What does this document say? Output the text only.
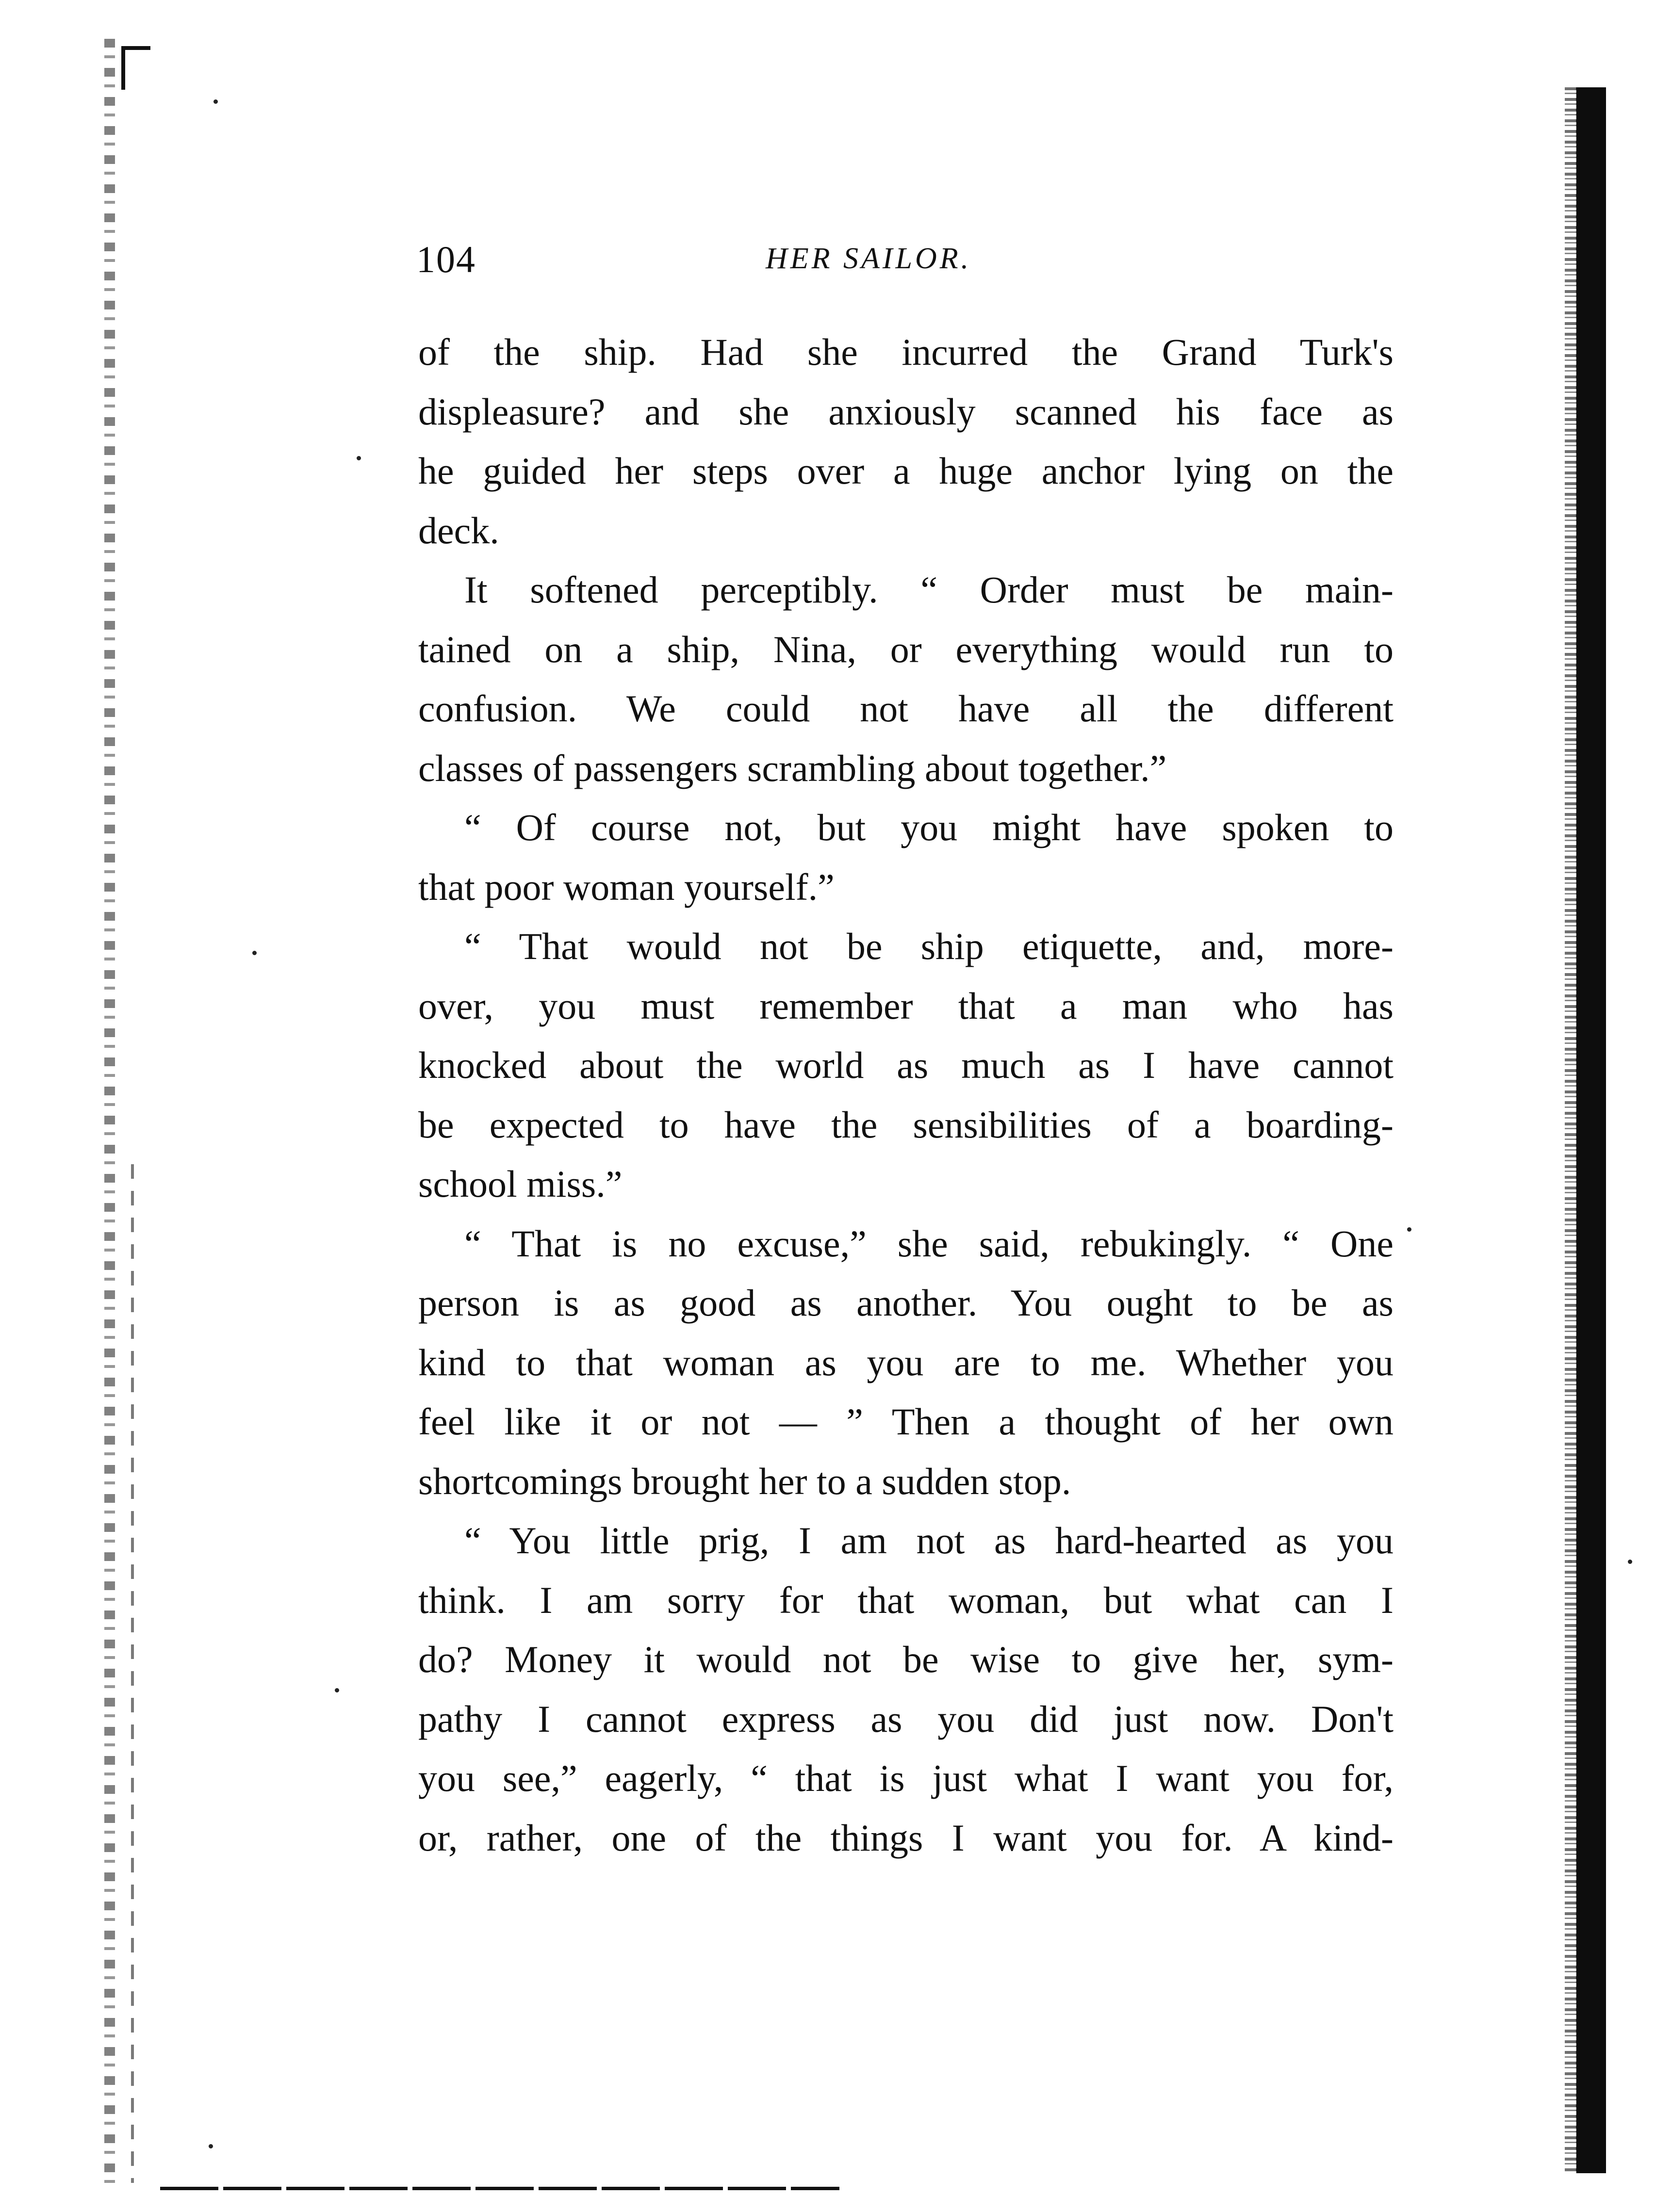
104	HER SAILOR.
of the ship. Had she incurred the Grand Turk's
displeasure? and she anxiously scanned his face as
he guided her steps over a huge anchor lying on the
deck.
It softened perceptibly. “ Order must be main-
tained on a ship, Nina, or everything would run to
confusion. We could not have all the different
classes of passengers scrambling about together.”
“ Of course not, but you might have spoken to
that poor woman yourself.”
“ That would not be ship etiquette, and, more-
over, you must remember that a man who has
knocked about the world as much as I have cannot
be expected to have the sensibilities of a boarding-
school miss.”
“ That is no excuse,” she said, rebukingly. “ One
person is as good as another. You ought to be as
kind to that woman as you are to me. Whether you
feel like it or not — ” Then a thought of her own
shortcomings brought her to a sudden stop.
“ You little prig, I am not as hard-hearted as you
think. I am sorry for that woman, but what can I
do? Money it would not be wise to give her, sym-
pathy I cannot express as you did just now. Don't
you see,” eagerly, “ that is just what I want you for,
or, rather, one of the things I want you for. A kind-
